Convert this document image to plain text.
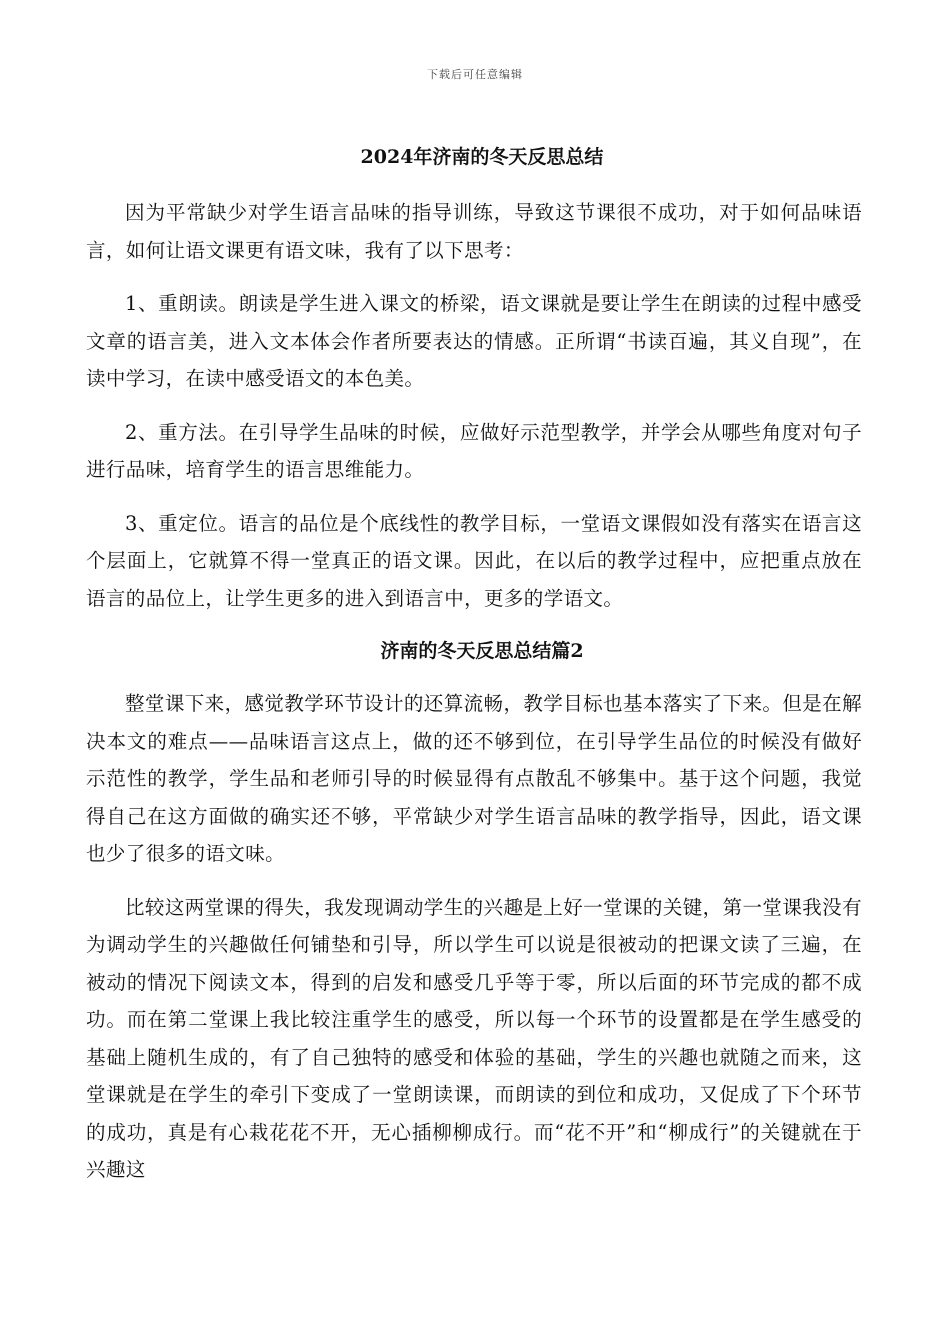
下载后可任意编辑
2024年济南的冬天反思总结

因为平常缺少对学生语言品味的指导训练，导致这节课很不成功，对于如何品味语言，如何让语文课更有语文味，我有了以下思考：

1、重朗读。朗读是学生进入课文的桥梁，语文课就是要让学生在朗读的过程中感受文章的语言美，进入文本体会作者所要表达的情感。正所谓“书读百遍，其义自现”，在读中学习，在读中感受语文的本色美。

2、重方法。在引导学生品味的时候，应做好示范型教学，并学会从哪些角度对句子进行品味，培育学生的语言思维能力。

3、重定位。语言的品位是个底线性的教学目标，一堂语文课假如没有落实在语言这个层面上，它就算不得一堂真正的语文课。因此，在以后的教学过程中，应把重点放在语言的品位上，让学生更多的进入到语言中，更多的学语文。

济南的冬天反思总结篇2

整堂课下来，感觉教学环节设计的还算流畅，教学目标也基本落实了下来。但是在解决本文的难点——品味语言这点上，做的还不够到位，在引导学生品位的时候没有做好示范性的教学，学生品和老师引导的时候显得有点散乱不够集中。基于这个问题，我觉得自己在这方面做的确实还不够，平常缺少对学生语言品味的教学指导，因此，语文课也少了很多的语文味。

比较这两堂课的得失，我发现调动学生的兴趣是上好一堂课的关键，第一堂课我没有为调动学生的兴趣做任何铺垫和引导，所以学生可以说是很被动的把课文读了三遍，在被动的情况下阅读文本，得到的启发和感受几乎等于零，所以后面的环节完成的都不成功。而在第二堂课上我比较注重学生的感受，所以每一个环节的设置都是在学生感受的基础上随机生成的，有了自己独特的感受和体验的基础，学生的兴趣也就随之而来，这堂课就是在学生的牵引下变成了一堂朗读课，而朗读的到位和成功，又促成了下个环节的成功，真是有心栽花花不开，无心插柳柳成行。而“花不开”和“柳成行”的关键就在于兴趣这
